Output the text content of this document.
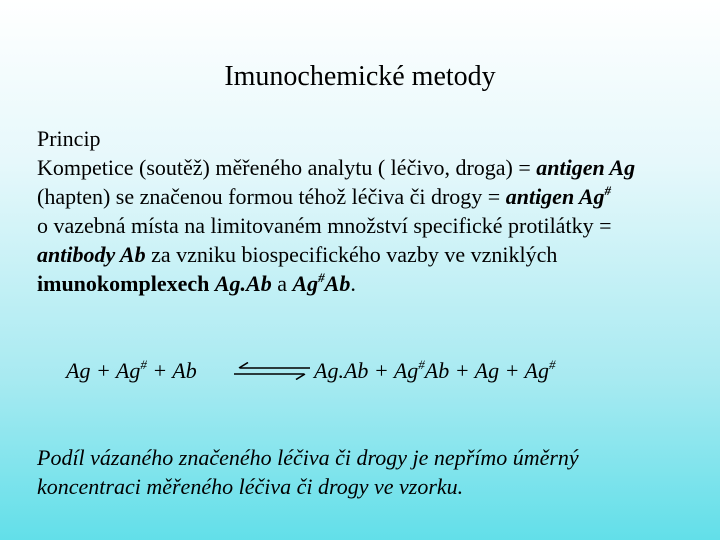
Imunochemické metody
Princip
Kompetice (soutěž) měřeného analytu ( léčivo, droga) = antigen Ag
(hapten) se značenou formou téhož léčiva či drogy = antigen Ag#
o vazebná místa na limitovaném množství specifické protilátky =
antibody Ab za vzniku biospecifického vazby ve vzniklých
imunokomplexech Ag.Ab a Ag#Ab.
Ag + Ag# + Ab ⇌ Ag.Ab + Ag#Ab + Ag + Ag#
Podíl vázaného značeného léčiva či drogy je nepřímo úměrný
koncentraci měřeného léčiva či drogy ve vzorku.
